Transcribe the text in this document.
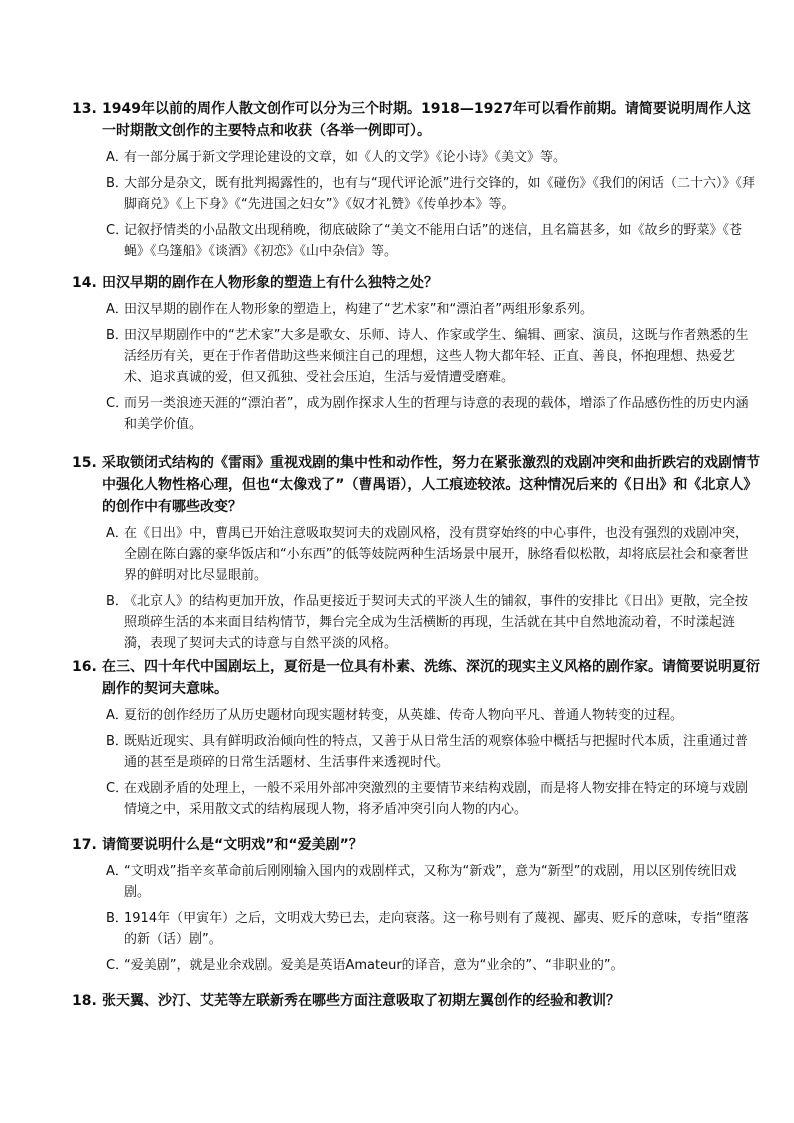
13. 1949年以前的周作人散文创作可以分为三个时期。1918—1927年可以看作前期。请简要说明周作人这一时期散文创作的主要特点和收获（各举一例即可）。
A．
有一部分属于新文学理论建设的文章，如《人的文学》《论小诗》《美文》等。
B．
大部分是杂文，既有批判揭露性的，也有与“现代评论派”进行交锋的，如《碰伤》《我们的闲话（二十六）》《拜脚商兑》《上下身》《“先进国之妇女”》《奴才礼赞》《传单抄本》等。
C．
记叙抒情类的小品散文出现稍晚，彻底破除了“美文不能用白话”的迷信，且名篇甚多，如《故乡的野菜》《苍蝇》《乌篷船》《谈酒》《初恋》《山中杂信》等。
14. 田汉早期的剧作在人物形象的塑造上有什么独特之处？
A．
田汉早期的剧作在人物形象的塑造上，构建了“艺术家”和“漂泊者”两组形象系列。
B．
田汉早期剧作中的“艺术家”大多是歌女、乐师、诗人、作家或学生、编辑、画家、演员，这既与作者熟悉的生活经历有关，更在于作者借助这些来倾注自己的理想，这些人物大都年轻、正直、善良，怀抱理想、热爱艺术、追求真诚的爱，但又孤独、受社会压迫，生活与爱情遭受磨难。
C．
而另一类浪迹天涯的“漂泊者”，成为剧作探求人生的哲理与诗意的表现的载体，增添了作品感伤性的历史内涵和美学价值。
15. 采取锁闭式结构的《雷雨》重视戏剧的集中性和动作性，努力在紧张激烈的戏剧冲突和曲折跌宕的戏剧情节中强化人物性格心理，但也“太像戏了”（曹禺语），人工痕迹较浓。这种情况后来的《日出》和《北京人》的创作中有哪些改变？
A．
在《日出》中，曹禺已开始注意吸取契诃夫的戏剧风格，没有贯穿始终的中心事件，也没有强烈的戏剧冲突，全剧在陈白露的豪华饭店和“小东西”的低等妓院两种生活场景中展开，脉络看似松散，却将底层社会和豪奢世界的鲜明对比尽显眼前。
B．
《北京人》的结构更加开放，作品更接近于契诃夫式的平淡人生的铺叙，事件的安排比《日出》更散，完全按照琐碎生活的本来面目结构情节，舞台完全成为生活横断的再现，生活就在其中自然地流动着，不时漾起涟漪，表现了契诃夫式的诗意与自然平淡的风格。
16. 在三、四十年代中国剧坛上，夏衍是一位具有朴素、洗练、深沉的现实主义风格的剧作家。请简要说明夏衍剧作的契诃夫意味。
A．
夏衍的创作经历了从历史题材向现实题材转变，从英雄、传奇人物向平凡、普通人物转变的过程。
B．
既贴近现实、具有鲜明政治倾向性的特点，又善于从日常生活的观察体验中概括与把握时代本质，注重通过普通的甚至是琐碎的日常生活题材、生活事件来透视时代。
C．
在戏剧矛盾的处理上，一般不采用外部冲突激烈的主要情节来结构戏剧，而是将人物安排在特定的环境与戏剧情境之中，采用散文式的结构展现人物，将矛盾冲突引向人物的内心。
17. 请简要说明什么是“文明戏”和“爱美剧”？
A．
“文明戏”指辛亥革命前后刚刚输入国内的戏剧样式，又称为“新戏”，意为“新型”的戏剧，用以区别传统旧戏剧。
B．
1914年（甲寅年）之后，文明戏大势已去，走向衰落。这一称号则有了蔑视、鄙夷、贬斥的意味，专指“堕落的新（话）剧”。
C．
“爱美剧”，就是业余戏剧。爱美是英语Amateur的译音，意为“业余的”、“非职业的”。
18. 张天翼、沙汀、艾芜等左联新秀在哪些方面注意吸取了初期左翼创作的经验和教训？
